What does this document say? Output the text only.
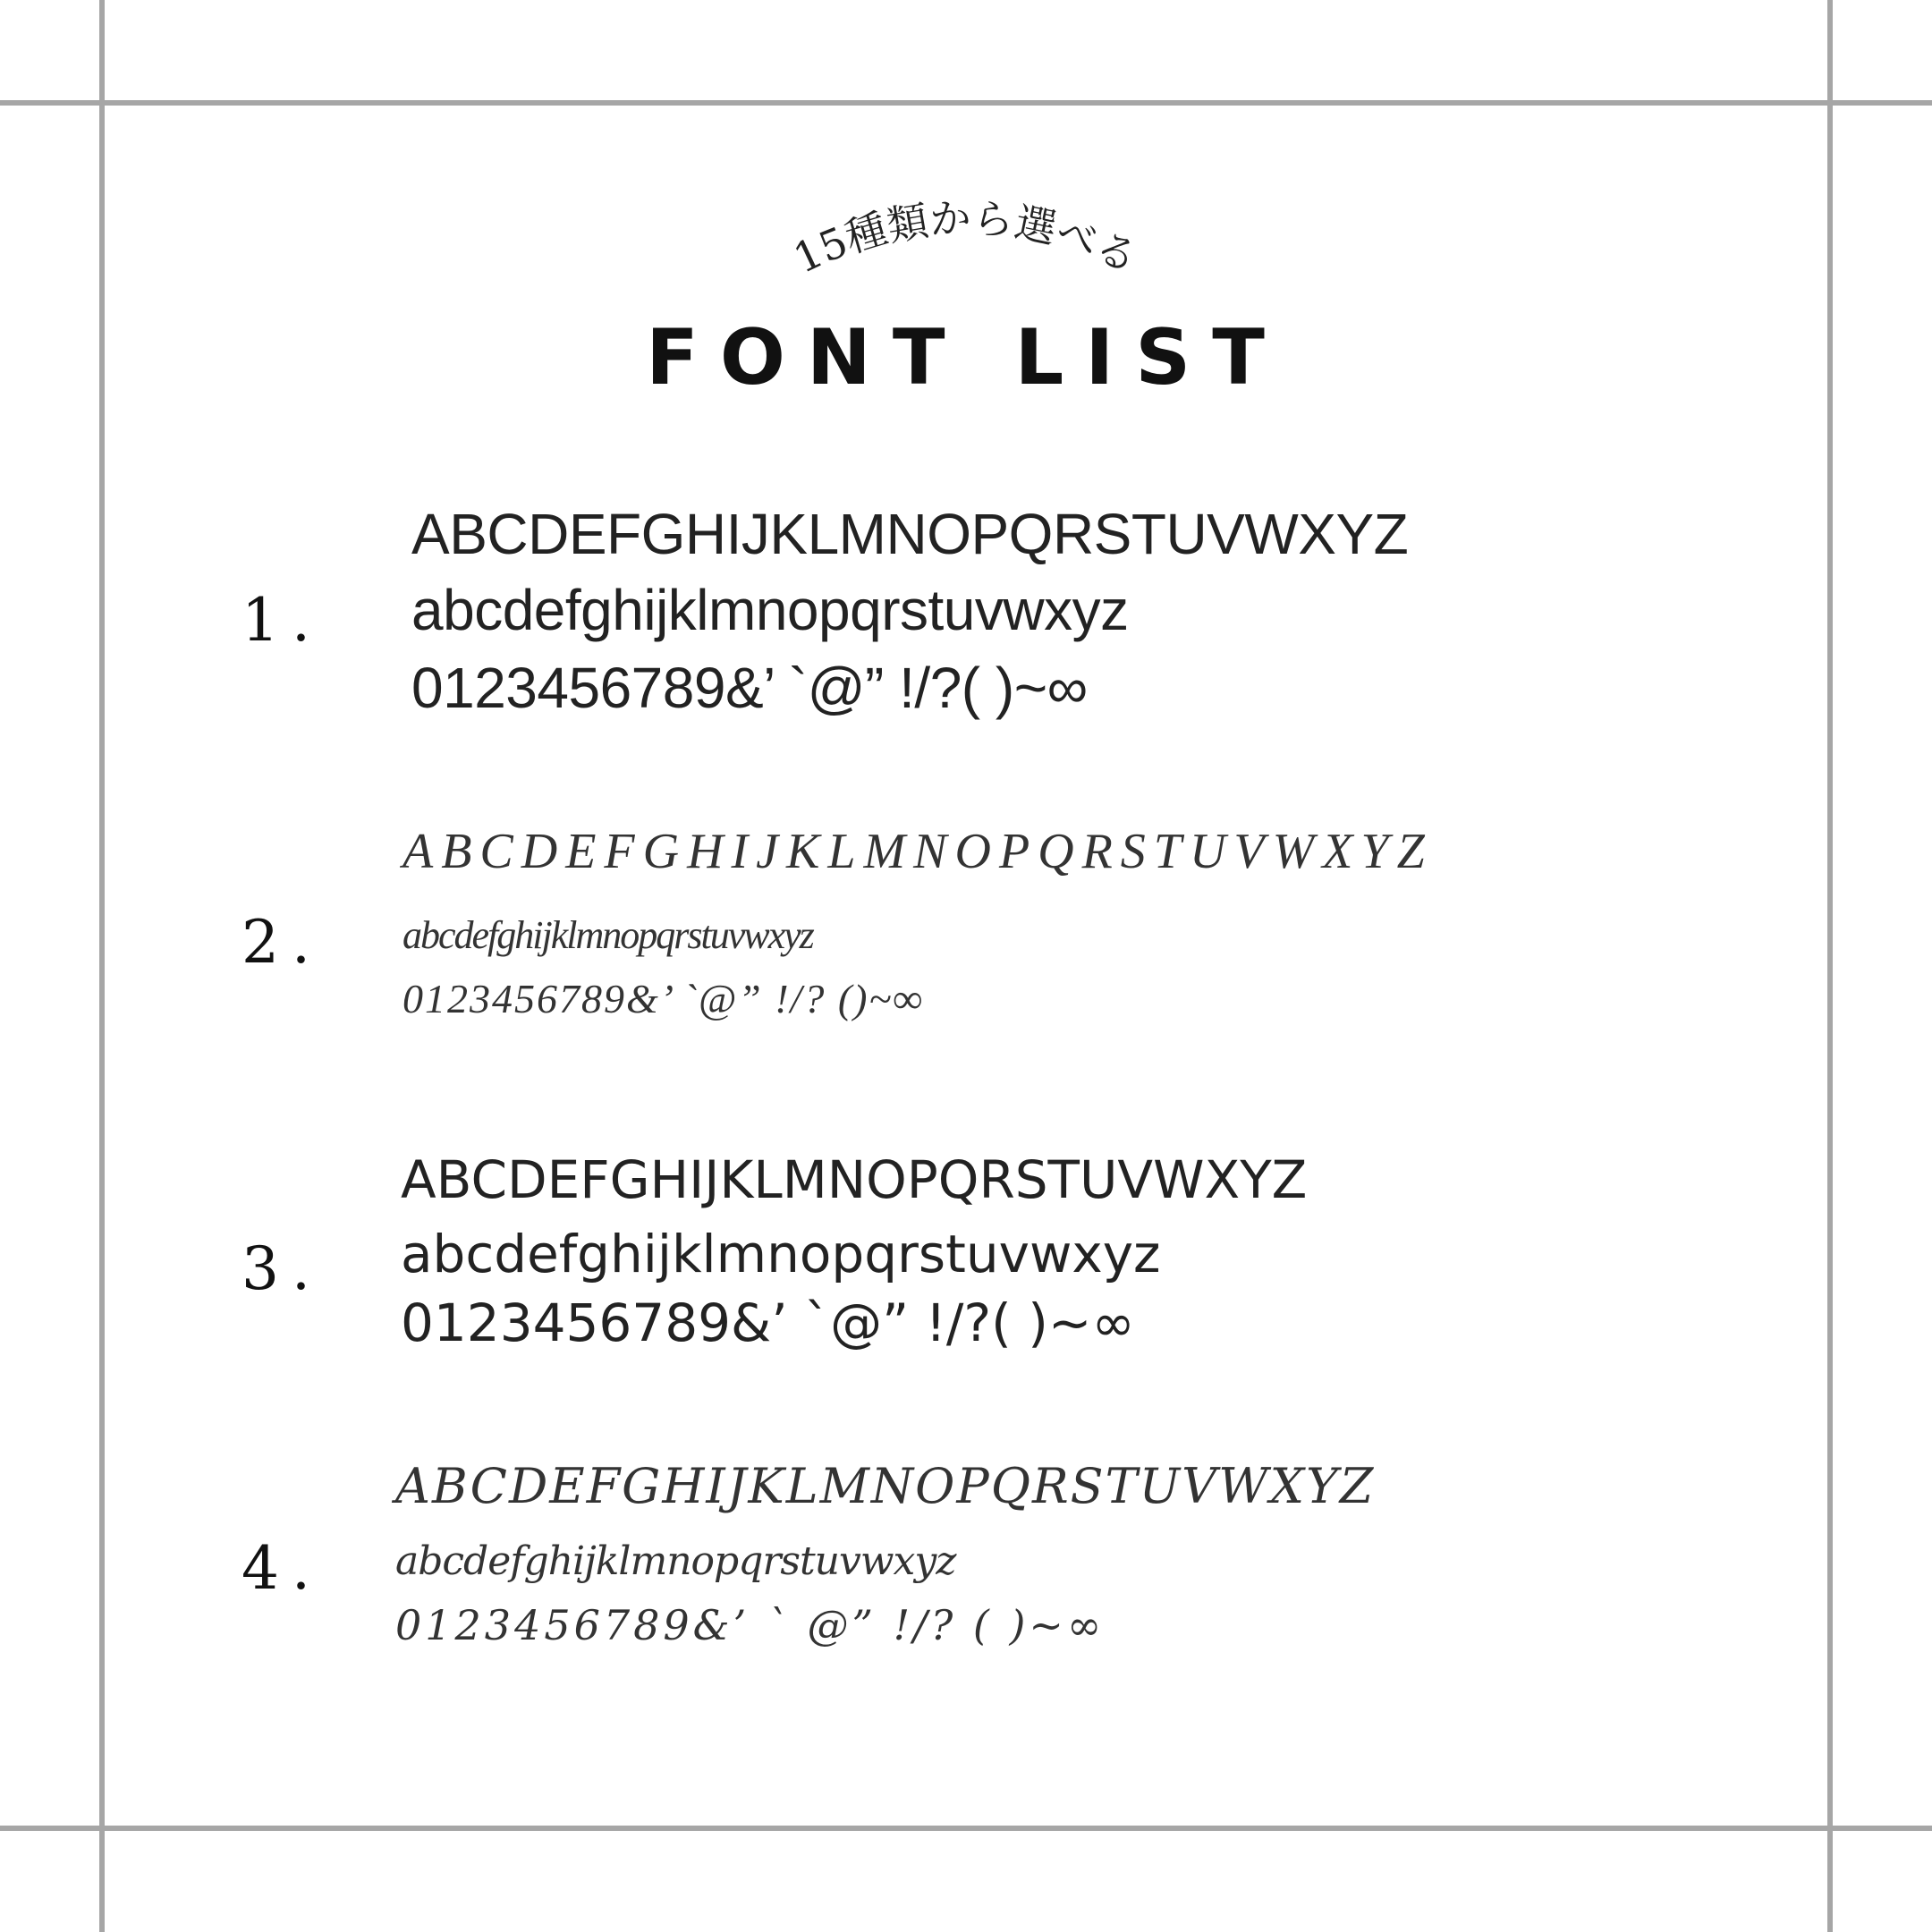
15種類から選べる
FONT LIST
1.
ABCDEFGHIJKLMNOPQRSTUVWXYZ
abcdefghijklmnopqrstuvwxyz
0123456789&’ `@” !/?( )~∞
2.
ABCDEFGHIJKLMNOPQRSTUVWXYZ
abcdefghijklmnopqrstuvwxyz
0123456789&’ `@” !/? ()~∞
3.
ABCDEFGHIJKLMNOPQRSTUVWXYZ
abcdefghijklmnopqrstuvwxyz
0123456789&’ `@” !/?( )~∞
4.
ABCDEFGHIJKLMNOPQRSTUVWXYZ
abcdefghijklmnopqrstuvwxyz
0123456789&’ ` @” !/? ( )~∞
